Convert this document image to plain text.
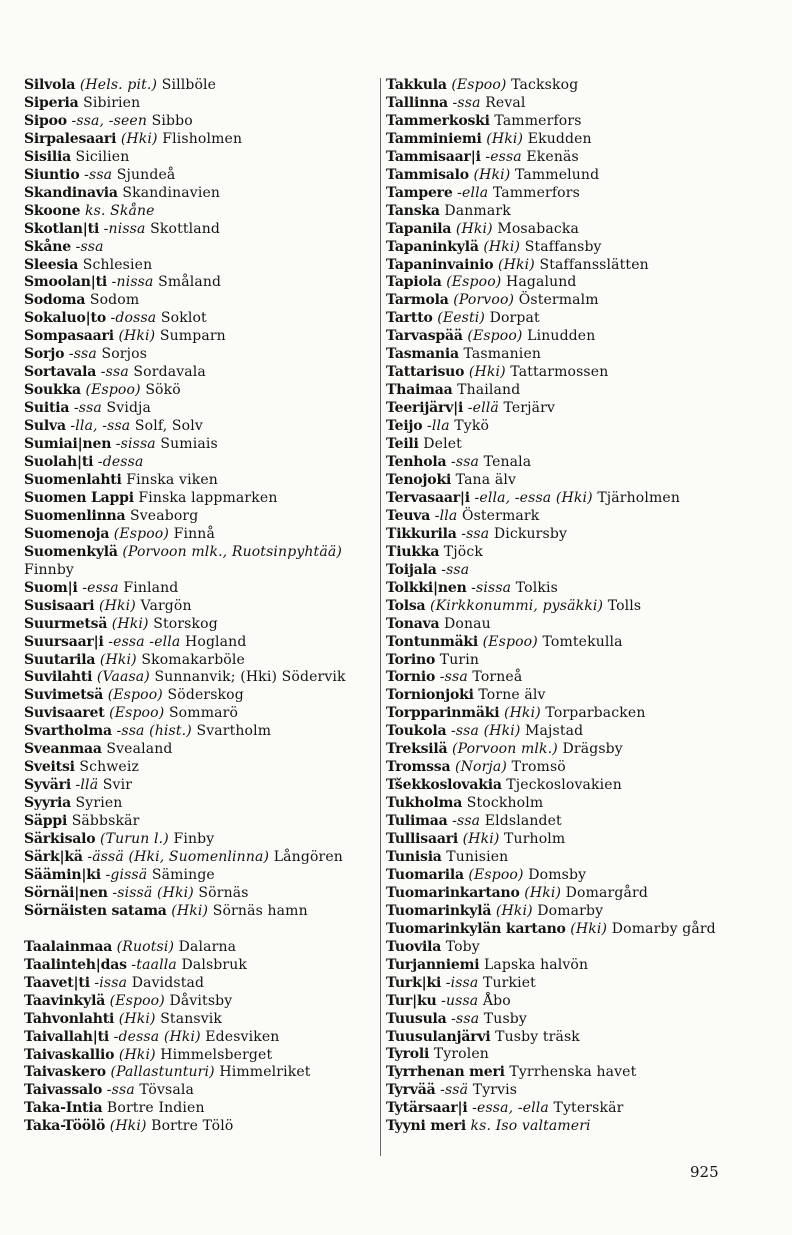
Silvola (Hels. pit.) Sillböle
Siperia Sibirien
Sipoo -ssa, -seen Sibbo
Sirpalesaari (Hki) Flisholmen
Sisilia Sicilien
Siuntio -ssa Sjundeå
Skandinavia Skandinavien
Skoone ks. Skåne
Skotlan|ti -nissa Skottland
Skåne -ssa
Sleesia Schlesien
Smoolan|ti -nissa Småland
Sodoma Sodom
Sokaluo|to -dossa Soklot
Sompasaari (Hki) Sumparn
Sorjo -ssa Sorjos
Sortavala -ssa Sordavala
Soukka (Espoo) Sökö
Suitia -ssa Svidja
Sulva -lla, -ssa Solf, Solv
Sumiai|nen -sissa Sumiais
Suolah|ti -dessa
Suomenlahti Finska viken
Suomen Lappi Finska lappmarken
Suomenlinna Sveaborg
Suomenoja (Espoo) Finnå
Suomenkylä (Porvoon mlk., Ruotsinpyhtää) Finnby
Suom|i -essa Finland
Susisaari (Hki) Vargön
Suurmetsä (Hki) Storskog
Suursaar|i -essa -ella Hogland
Suutarila (Hki) Skomakarböle
Suvilahti (Vaasa) Sunnanvik; (Hki) Södervik
Suvimetsä (Espoo) Söderskog
Suvisaaret (Espoo) Sommarö
Svartholma -ssa (hist.) Svartholm
Sveanmaa Svealand
Sveitsi Schweiz
Syväri -llä Svir
Syyria Syrien
Säppi Säbbskär
Särkisalo (Turun l.) Finby
Särk|kä -ässä (Hki, Suomenlinna) Långören
Säämin|ki -gissä Säminge
Sörnäi|nen -sissä (Hki) Sörnäs
Sörnäisten satama (Hki) Sörnäs hamn
Taalainmaa (Ruotsi) Dalarna
Taalinteh|das -taalla Dalsbruk
Taavet|ti -issa Davidstad
Taavinkylä (Espoo) Dåvitsby
Tahvonlahti (Hki) Stansvik
Taivallah|ti -dessa (Hki) Edesviken
Taivaskallio (Hki) Himmelsberget
Taivaskero (Pallastunturi) Himmelriket
Taivassalo -ssa Tövsala
Taka-Intia Bortre Indien
Taka-Töölö (Hki) Bortre Tölö
Takkula (Espoo) Tackskog
Tallinna -ssa Reval
Tammerkoski Tammerfors
Tamminiemi (Hki) Ekudden
Tammisaar|i -essa Ekenäs
Tammisalo (Hki) Tammelund
Tampere -ella Tammerfors
Tanska Danmark
Tapanila (Hki) Mosabacka
Tapaninkylä (Hki) Staffansby
Tapaninvainio (Hki) Staffansslätten
Tapiola (Espoo) Hagalund
Tarmola (Porvoo) Östermalm
Tartto (Eesti) Dorpat
Tarvaspää (Espoo) Linudden
Tasmania Tasmanien
Tattarisuo (Hki) Tattarmossen
Thaimaa Thailand
Teerijärv|i -ellä Terjärv
Teijo -lla Tykö
Teili Delet
Tenhola -ssa Tenala
Tenojoki Tana älv
Tervasaar|i -ella, -essa (Hki) Tjärholmen
Teuva -lla Östermark
Tikkurila -ssa Dickursby
Tiukka Tjöck
Toijala -ssa
Tolkki|nen -sissa Tolkis
Tolsa (Kirkkonummi, pysäkki) Tolls
Tonava Donau
Tontunmäki (Espoo) Tomtekulla
Torino Turin
Tornio -ssa Torneå
Tornionjoki Torne älv
Torpparinmäki (Hki) Torparbacken
Toukola -ssa (Hki) Majstad
Treksilä (Porvoon mlk.) Drägsby
Tromssa (Norja) Tromsö
Tšekkoslovakia Tjeckoslovakien
Tukholma Stockholm
Tulimaa -ssa Eldslandet
Tullisaari (Hki) Turholm
Tunisia Tunisien
Tuomarila (Espoo) Domsby
Tuomarinkartano (Hki) Domargård
Tuomarinkylä (Hki) Domarby
Tuomarinkylän kartano (Hki) Domarby gård
Tuovila Toby
Turjanniemi Lapska halvön
Turk|ki -issa Turkiet
Tur|ku -ussa Åbo
Tuusula -ssa Tusby
Tuusulanjärvi Tusby träsk
Tyroli Tyrolen
Tyrrhenan meri Tyrrhenska havet
Tyrvää -ssä Tyrvis
Tytärsaar|i -essa, -ella Tyterskär
Tyyni meri ks. Iso valtameri
925
